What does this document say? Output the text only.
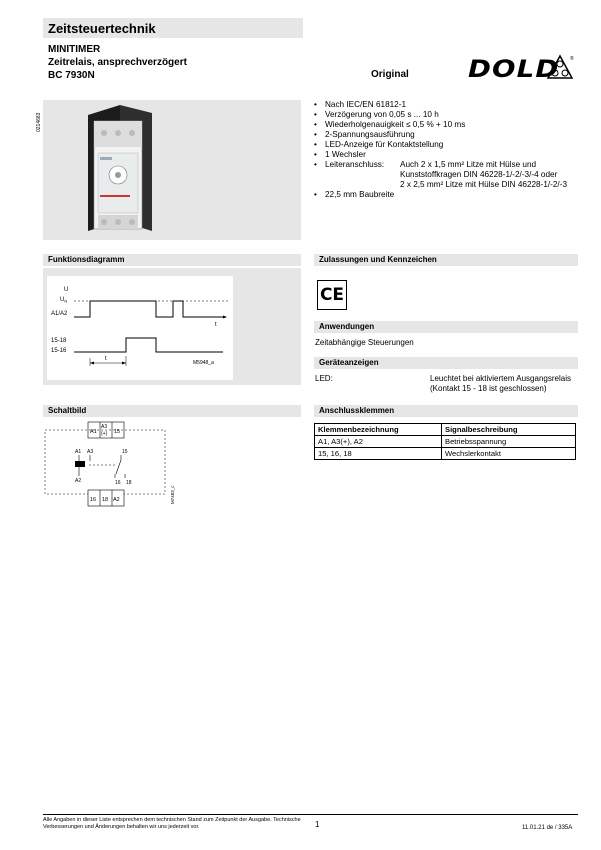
Zeitsteuertechnik
MINITIMER
Zeitrelais, ansprechverzögert
BC 7930N	Original DOLD ®
0214683
• Nach IEC/EN 61812-1
• Verzögerung von 0,05 s ... 10 h
• Wiederholgenauigkeit ≤ 0,5 % + 10 ms
• 2-Spannungsausführung
• LED-Anzeige für Kontaktstellung
• 1 Wechsler
• Leiteranschluss: Auch 2 x 1,5 mm² Litze mit Hülse und
Kunststoffkragen DIN 46228-1/-2/-3/-4 oder
2 x 2,5 mm² Litze mit Hülse DIN 46228-1/-2/-3
• 22,5 mm Baubreite
Funktionsdiagramm
U
$U_N$
A1/A2
t
15-18
15-16
t
M5948_a
Zulassungen und Kennzeichen
CE
Anwendungen
Zeitabhängige Steuerungen
Geräteanzeigen
LED:	Leuchtet bei aktiviertem Ausgangsrelais
(Kontakt 15 - 18 ist geschlossen)
Schaltbild
A1
A3
(+) 15
A1 A3
A2
15
16 18
16 18 A2	M7483_c
Anschlussklemmen
Klemmenbezeichnung	Signalbeschreibung
A1, A3(+), A2	Betriebsspannung
15, 16, 18	Wechslerkontakt
Alle Angaben in dieser Liste entsprechen dem technischen Stand zum Zeitpunkt der Ausgabe. Technische
Verbesserungen und Änderungen behalten wir uns jederzeit vor.	1	11.01.21 de / 335A
